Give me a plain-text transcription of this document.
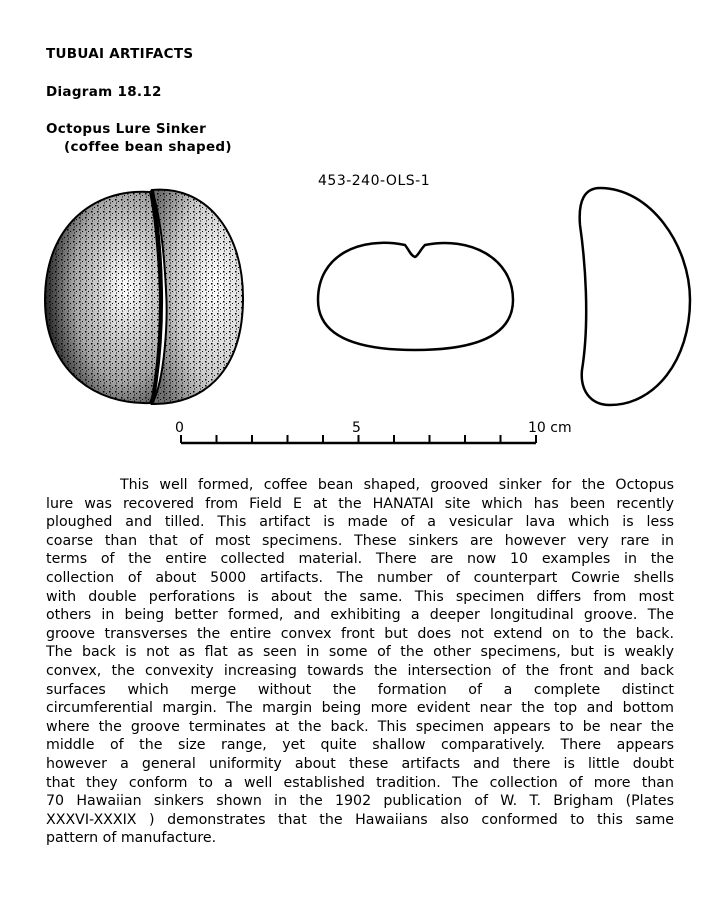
TUBUAI ARTIFACTS
Diagram 18.12
Octopus Lure Sinker
(coffee bean shaped)
453-240-OLS-1
0	5	10 cm
This well formed, coffee bean shaped, grooved sinker for the Octopus
lure was recovered from Field E at the HANATAI site which has been recently
ploughed and tilled. This artifact is made of a vesicular lava which is less
coarse than that of most specimens. These sinkers are however very rare in
terms of the entire collected material. There are now 10 examples in the
collection of about 5000 artifacts. The number of counterpart Cowrie shells
with double perforations is about the same. This specimen differs from most
others in being better formed, and exhibiting a deeper longitudinal groove. The
groove transverses the entire convex front but does not extend on to the back.
The back is not as flat as seen in some of the other specimens, but is weakly
convex, the convexity increasing towards the intersection of the front and back
surfaces which merge without the formation of a complete distinct
circumferential margin. The margin being more evident near the top and bottom
where the groove terminates at the back. This specimen appears to be near the
middle of the size range, yet quite shallow comparatively. There appears
however a general uniformity about these artifacts and there is little doubt
that they conform to a well established tradition. The collection of more than
70 Hawaiian sinkers shown in the 1902 publication of W. T. Brigham (Plates
XXXVI-XXXIX ) demonstrates that the Hawaiians also conformed to this same
pattern of manufacture.
